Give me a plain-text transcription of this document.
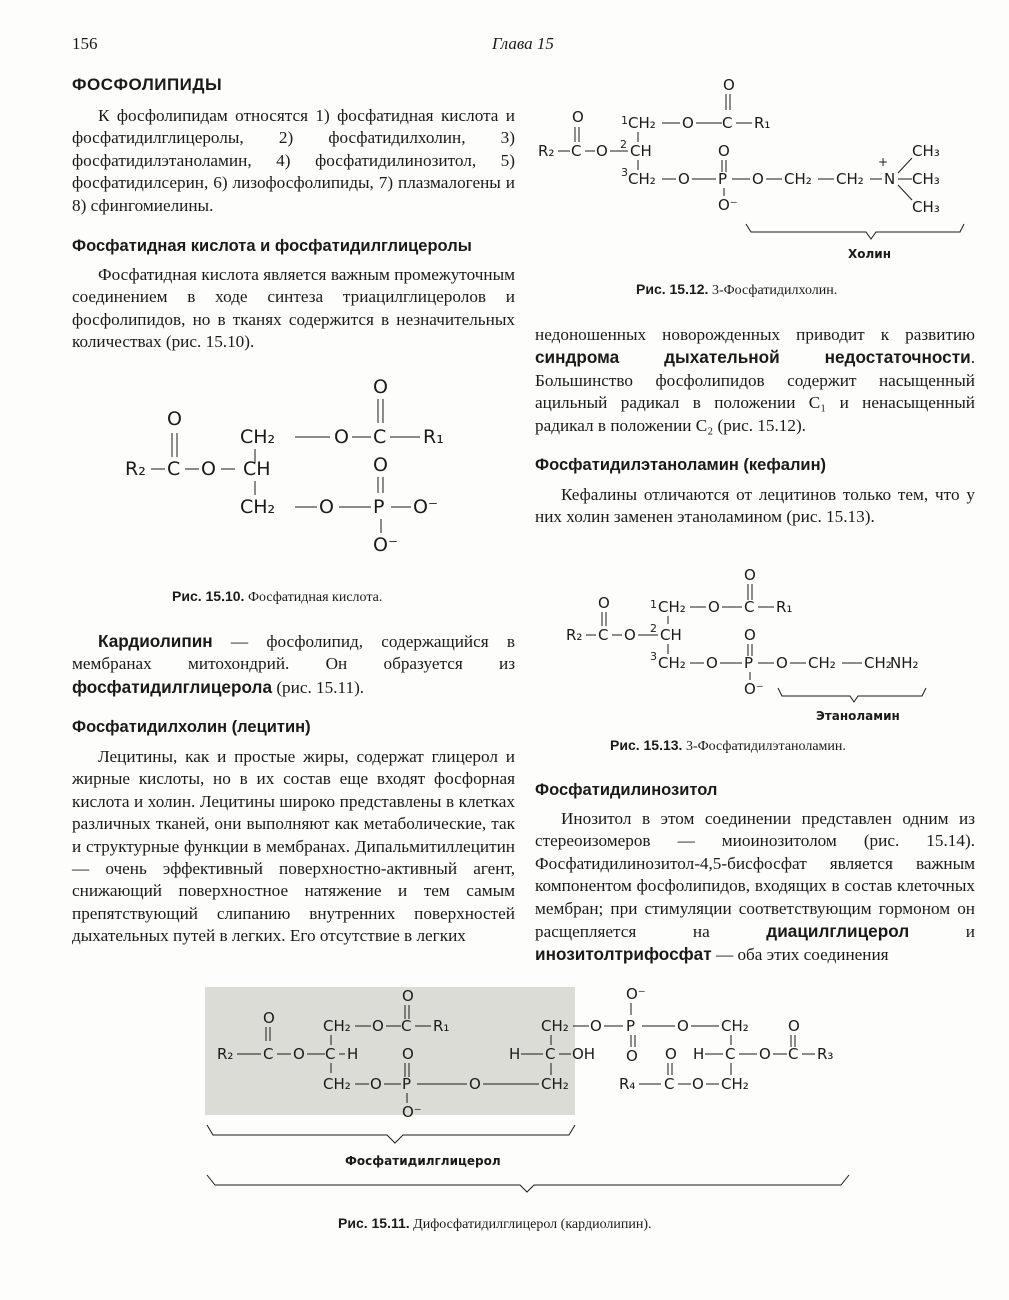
156	Глава 15
ФОСФОЛИПИДЫ

К фосфолипидам относятся 1) фосфатидная кислота и фосфатидилглицеролы, 2) фосфатидилхолин, 3) фосфатидилэтаноламин, 4) фосфатидилинозитол, 5) фосфатидилсерин, 6) лизофосфолипиды, 7) плазмалогены и 8) сфингомиелины.

Фосфатидная кислота и фосфатидилглицеролы

Фосфатидная кислота является важным промежуточным соединением в ходе синтеза триацилглицеролов и фосфолипидов, но в тканях содержится в незначительных количествах (рис. 15.10).

O
CH₂	O C R₁
O
R₂ C O CH
CH₂ O P
O
O⁻
O⁻
Рис. 15.10. Фосфатидная кислота.

Кардиолипин — фосфолипид, содержащийся в мембранах митохондрий. Он образуется из фосфатидилглицерола (рис. 15.11).

Фосфатидилхолин (лецитин)

Лецитины, как и простые жиры, содержат глицерол и жирные кислоты, но в их состав еще входят фосфорная кислота и холин. Лецитины широко представлены в клетках различных тканей, они выполняют как метаболические, так и структурные функции в мембранах. Дипальмитиллецитин — очень эффективный поверхностно-активный агент, снижающий поверхностное натяжение и тем самым препятствующий слипанию внутренних поверхностей дыхательных путей в легких. Его отсутствие в легких

O
1 CH₂ O C R₁
O
R₂ C O 2 CH
3 CH₂ O P
O
O⁻
O CH₂ CH₂
+
N
CH₃
CH₃
CH₃
Холин
Рис. 15.12. 3-Фосфатидилхолин.

недоношенных новорожденных приводит к развитию синдрома дыхательной недостаточности. Большинство фосфолипидов содержит насыщенный ацильный радикал в положении C₁ и ненасыщенный радикал в положении C₂ (рис. 15.12).

Фосфатидилэтаноламин (кефалин)

Кефалины отличаются от лецитинов только тем, что у них холин заменен этаноламином (рис. 15.13).

O
1 CH₂ O C R₁
O
R₂ C O 2 CH
3 CH₂ O P
O
O⁻
O CH₂ CH₂
NH₂
Этаноламин
Рис. 15.13. 3-Фосфатидилэтаноламин.
Фосфатидилинозитол

Инозитол в этом соединении представлен одним из стереоизомеров — миоинозитолом (рис. 15.14). Фосфатидилинозитол-4,5-бисфосфат является важным компонентом фосфолипидов, входящих в состав клеточных мембран; при стимуляции соответствующим гормоном он расщепляется на диацилглицерол и инозитолтрифосфат — оба этих соединения

O
O	CH₂ O C R₁
R₂ C O C H
CH₂ O P
O
O⁻
O
CH₂
H C OH
CH₂
O
O⁻
P
O
O CH₂
H C O C
O
R₃
O
R₄ C O CH₂
Фосфатидилглицерол
Рис. 15.11. Дифосфатидилглицерол (кардиолипин).
